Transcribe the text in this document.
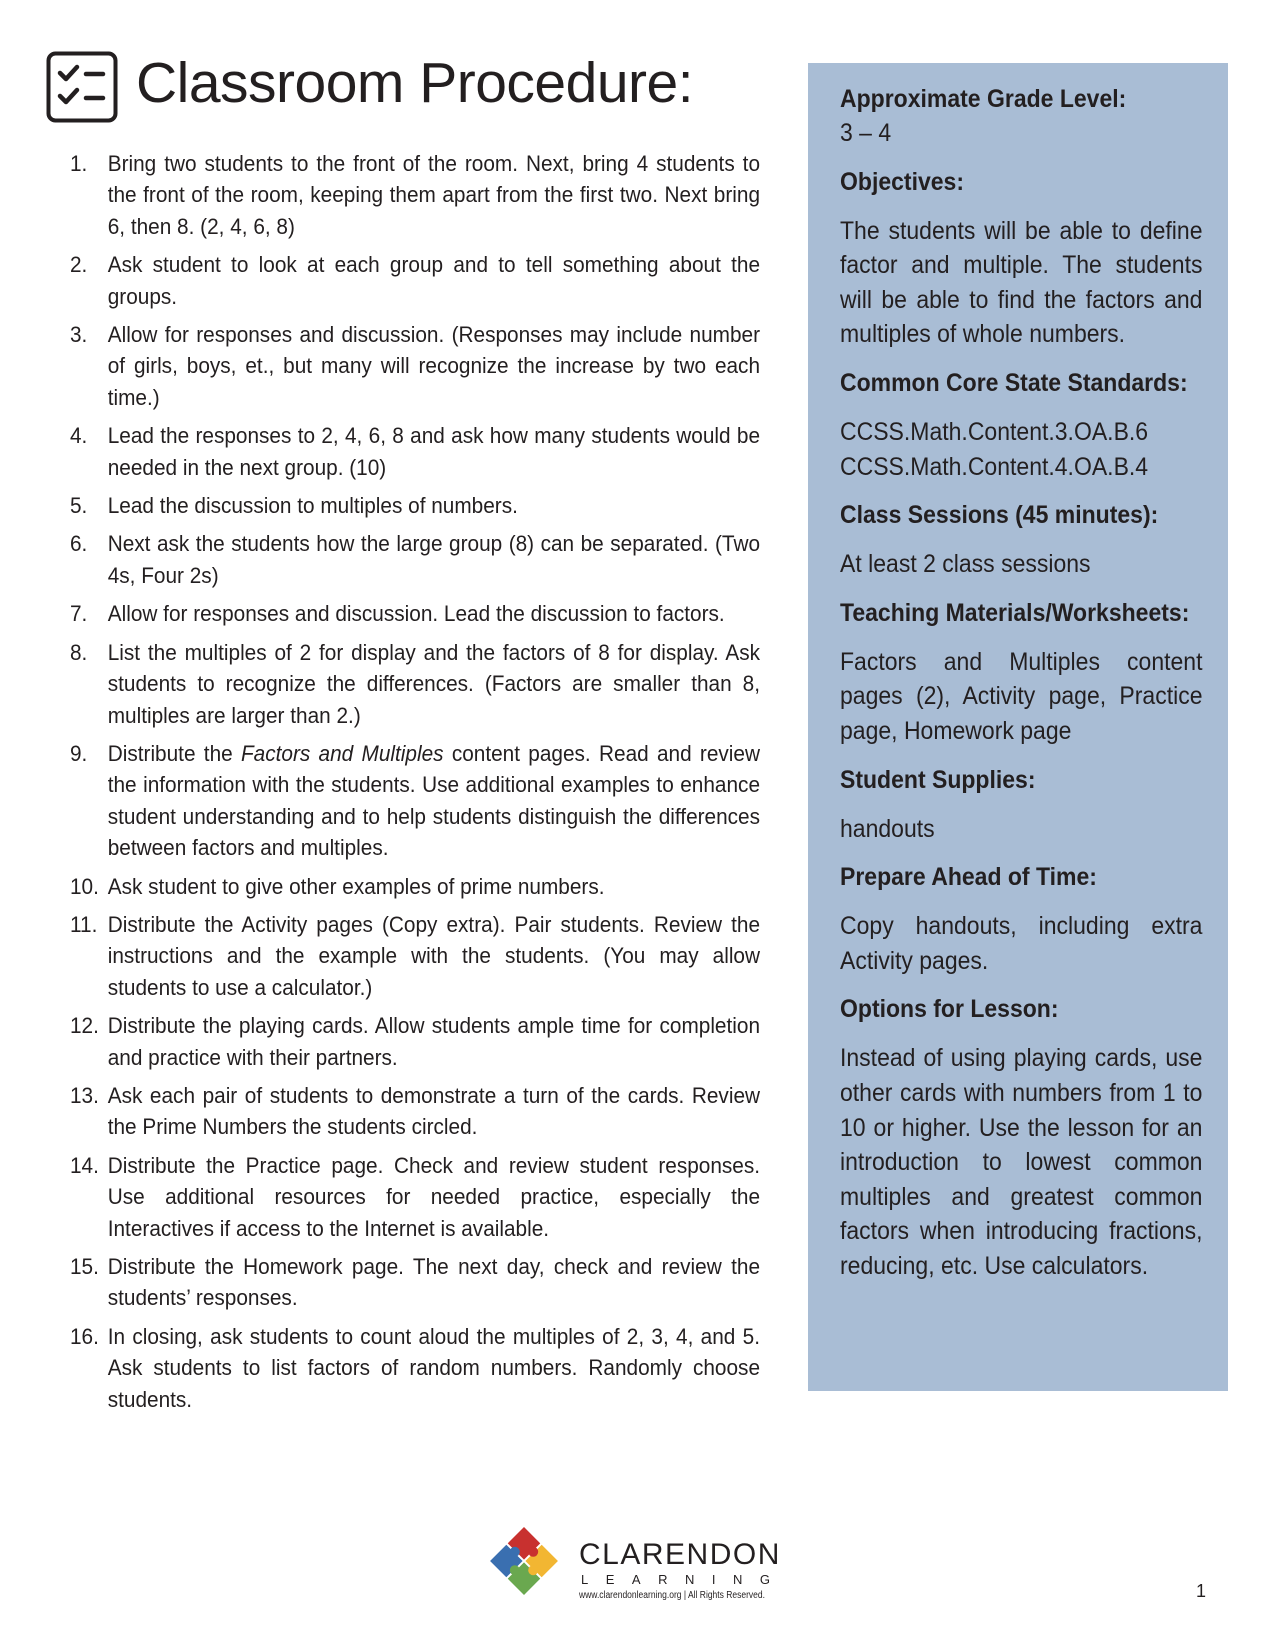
Classroom Procedure:
1. Bring two students to the front of the room. Next, bring 4 students to the front of the room, keeping them apart from the first two. Next bring 6, then 8. (2, 4, 6, 8)
2. Ask student to look at each group and to tell something about the groups.
3. Allow for responses and discussion. (Responses may include number of girls, boys, et., but many will recognize the increase by two each time.)
4. Lead the responses to 2, 4, 6, 8 and ask how many students would be needed in the next group. (10)
5. Lead the discussion to multiples of numbers.
6. Next ask the students how the large group (8) can be separated. (Two 4s, Four 2s)
7. Allow for responses and discussion. Lead the discussion to factors.
8. List the multiples of 2 for display and the factors of 8 for display. Ask students to recognize the differences. (Factors are smaller than 8, multiples are larger than 2.)
9. Distribute the Factors and Multiples content pages. Read and review the information with the students. Use additional examples to enhance student understanding and to help students distinguish the differences between factors and multiples.
10. Ask student to give other examples of prime numbers.
11. Distribute the Activity pages (Copy extra). Pair students. Review the instructions and the example with the students. (You may allow students to use a calculator.)
12. Distribute the playing cards. Allow students ample time for completion and practice with their partners.
13. Ask each pair of students to demonstrate a turn of the cards. Review the Prime Numbers the students circled.
14. Distribute the Practice page. Check and review student responses. Use additional resources for needed practice, especially the Interactives if access to the Internet is available.
15. Distribute the Homework page. The next day, check and review the students’ responses.
16. In closing, ask students to count aloud the multiples of 2, 3, 4, and 5. Ask students to list factors of random numbers. Randomly choose students.

Approximate Grade Level:

3 – 4

Objectives:

The students will be able to define factor and multiple. The students will be able to find the factors and multiples of whole numbers.

Common Core State Standards:

CCSS.Math.Content.3.OA.B.6

CCSS.Math.Content.4.OA.B.4

Class Sessions (45 minutes):

At least 2 class sessions

Teaching Materials/Worksheets:

Factors and Multiples content pages (2), Activity page, Practice page, Homework page

Student Supplies:

handouts

Prepare Ahead of Time:

Copy handouts, including extra Activity pages.

Options for Lesson:

Instead of using playing cards, use other cards with numbers from 1 to 10 or higher. Use the lesson for an introduction to lowest common multiples and greatest common factors when introducing fractions, reducing, etc. Use calculators.

CLARENDON
LEARNING
www.clarendonlearning.org | All Rights Reserved.	1
